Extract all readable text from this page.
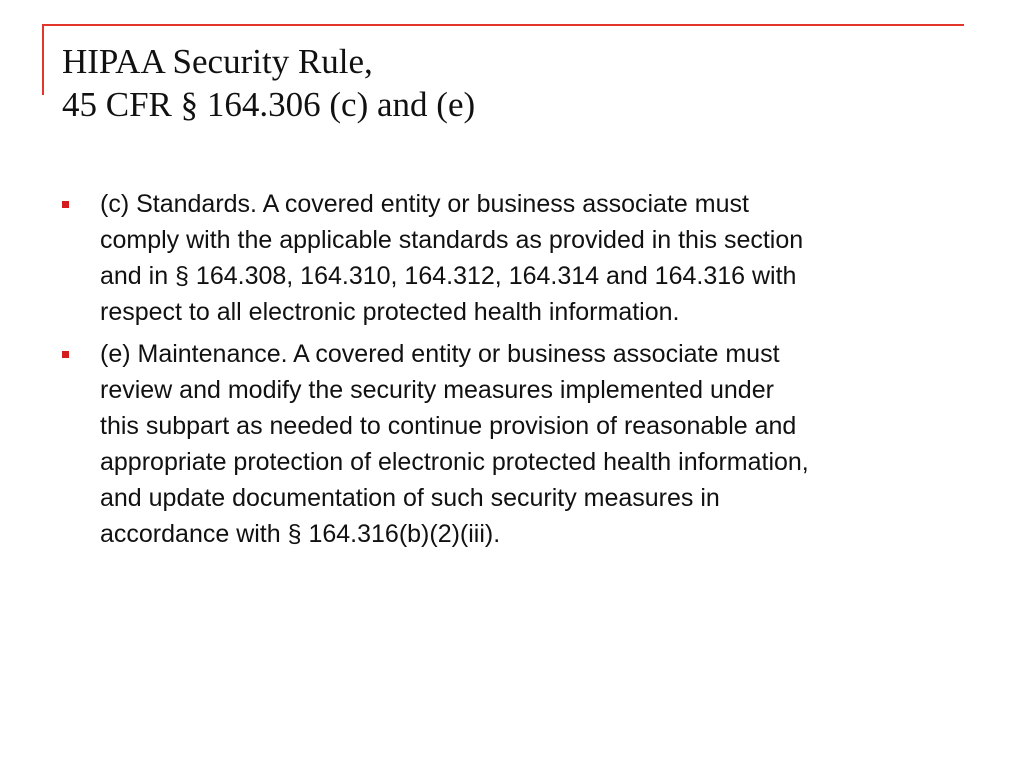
HIPAA Security Rule,
45 CFR § 164.306 (c) and (e)
(c) Standards. A covered entity or business associate must
comply with the applicable standards as provided in this section
and in § 164.308, 164.310, 164.312, 164.314 and 164.316 with
respect to all electronic protected health information.
(e) Maintenance. A covered entity or business associate must
review and modify the security measures implemented under
this subpart as needed to continue provision of reasonable and
appropriate protection of electronic protected health information,
and update documentation of such security measures in
accordance with § 164.316(b)(2)(iii).
